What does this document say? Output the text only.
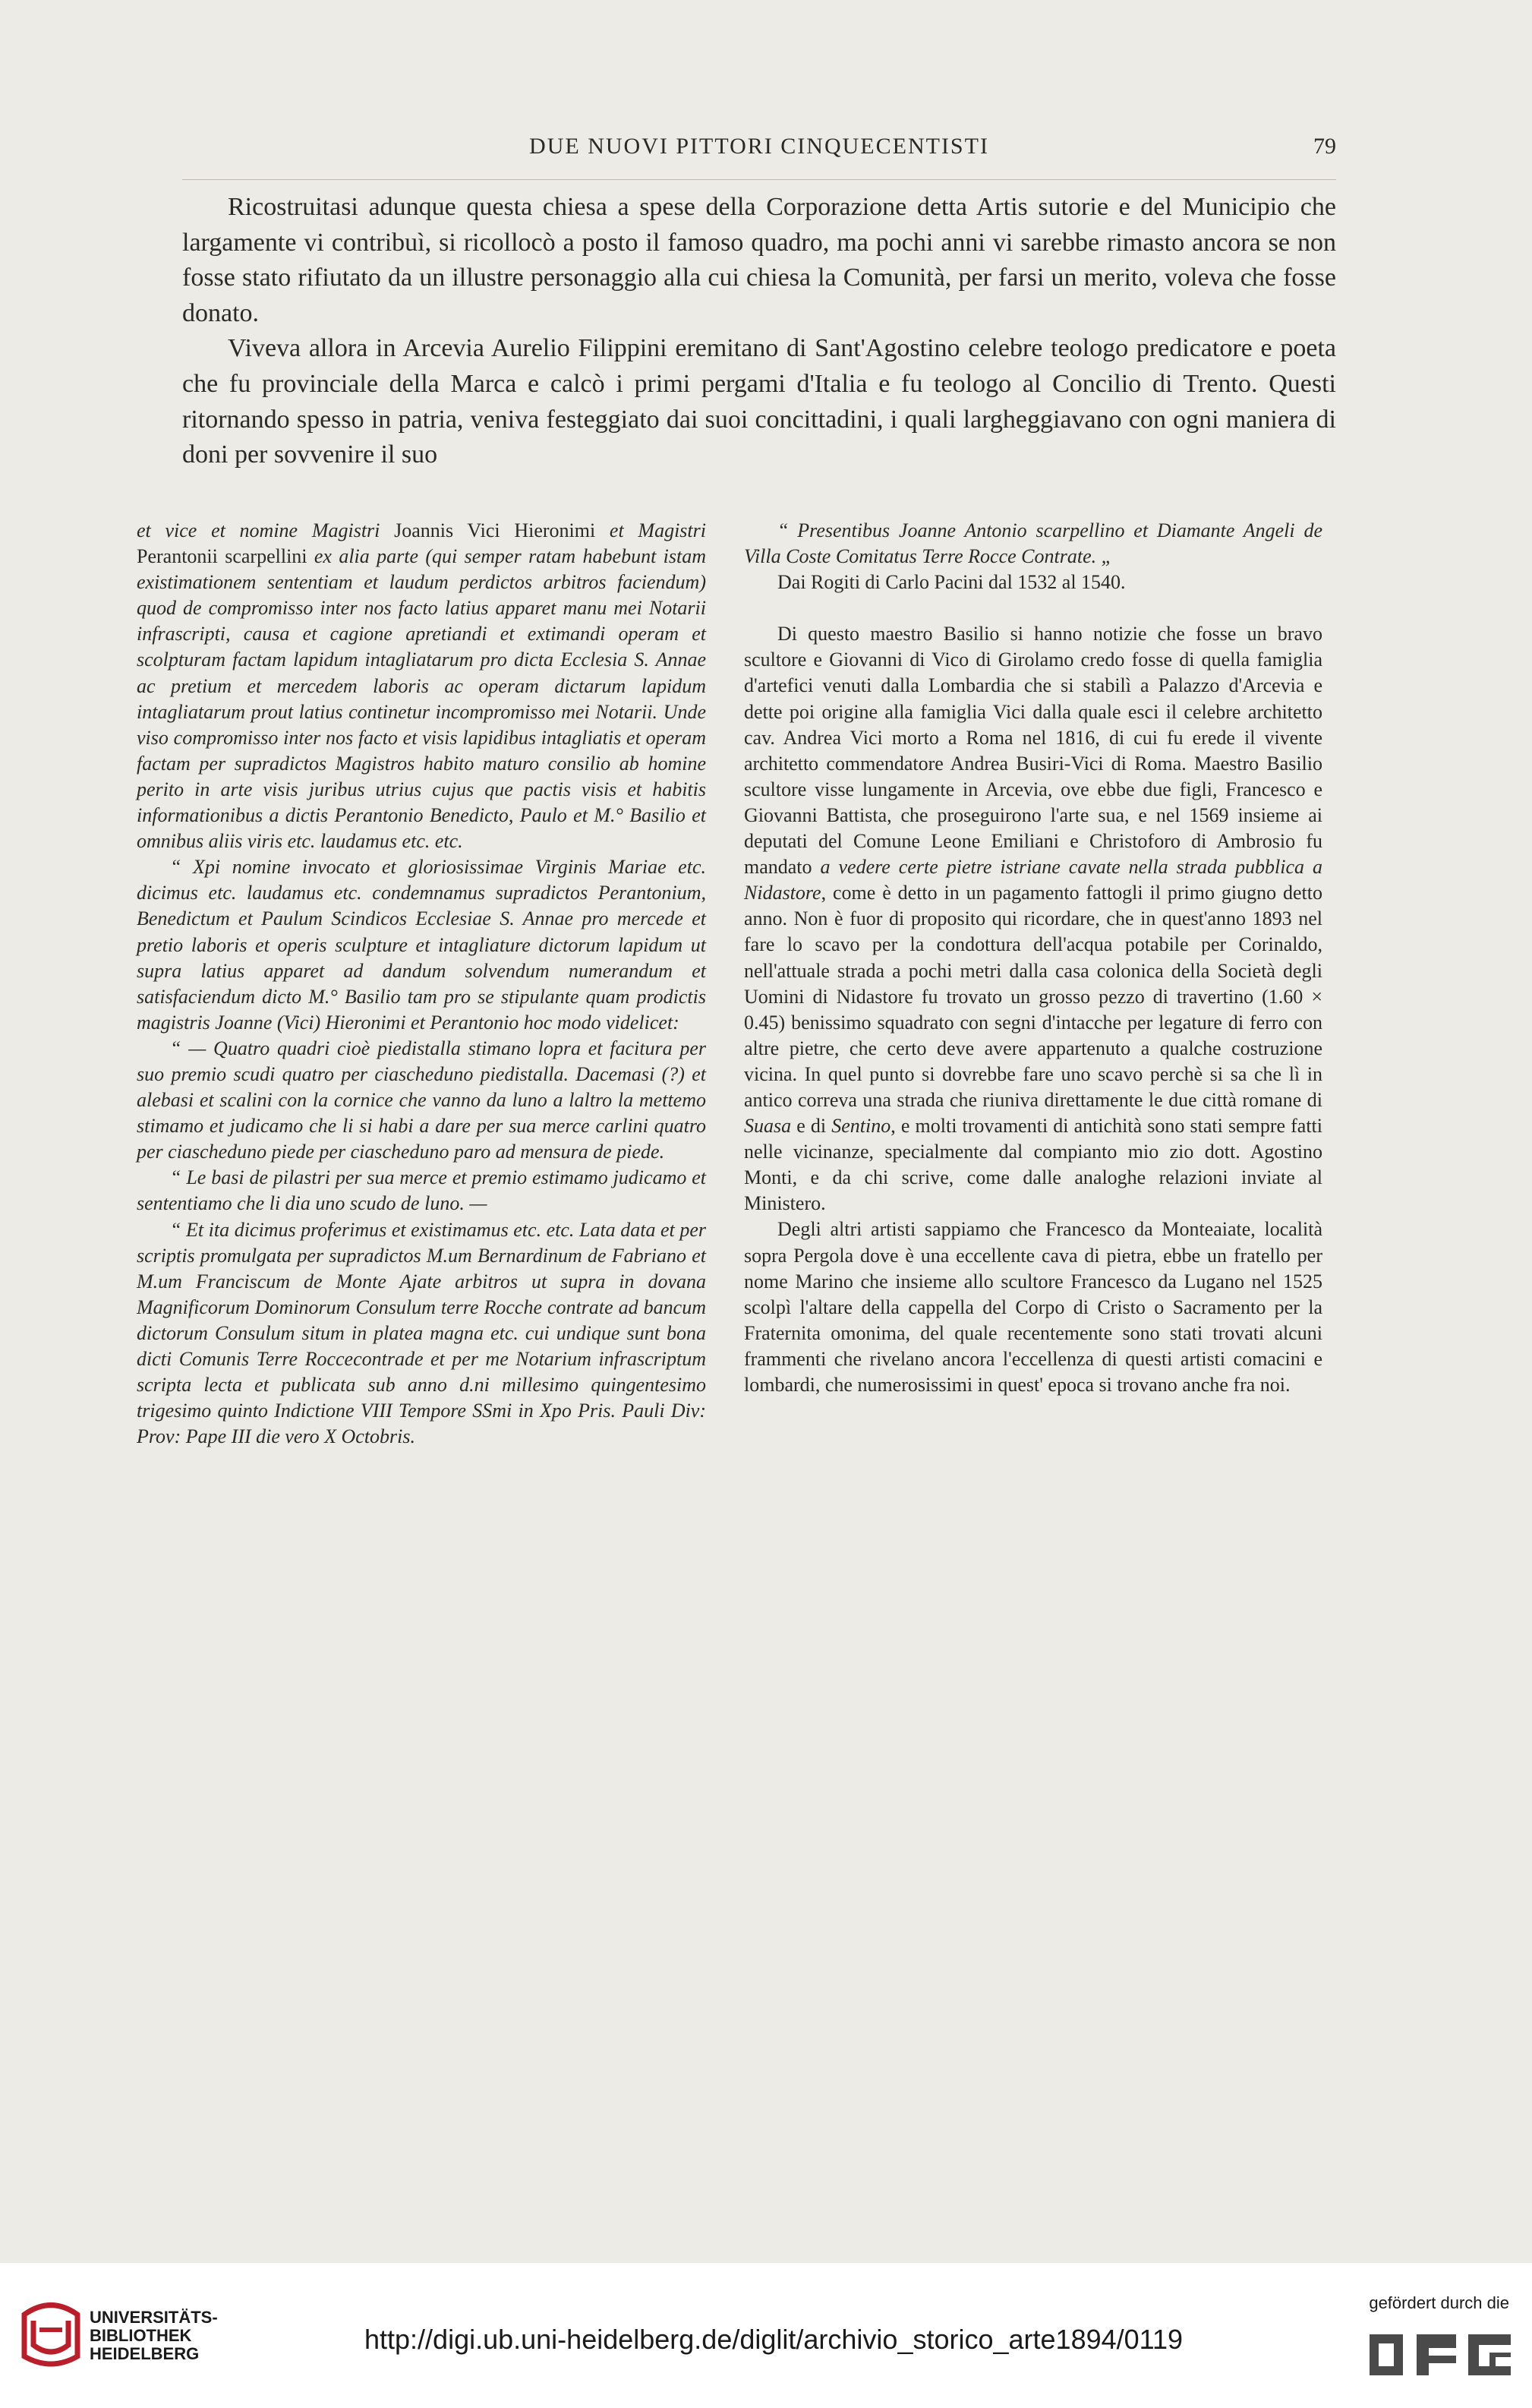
DUE NUOVI PITTORI CINQUECENTISTI	79

Ricostruitasi adunque questa chiesa a spese della Corporazione detta Artis sutorie e del Municipio che largamente vi contribuì, si ricollocò a posto il famoso quadro, ma pochi anni vi sarebbe rimasto ancora se non fosse stato rifiutato da un illustre personaggio alla cui chiesa la Comunità, per farsi un merito, voleva che fosse donato.

Viveva allora in Arcevia Aurelio Filippini eremitano di Sant'Agostino celebre teologo predicatore e poeta che fu provinciale della Marca e calcò i primi pergami d'Italia e fu teologo al Concilio di Trento. Questi ritornando spesso in patria, veniva festeggiato dai suoi concittadini, i quali largheggiavano con ogni maniera di doni per sovvenire il suo

et vice et nomine Magistri Joannis Vici Hieronimi et Magistri Perantonii scarpellini ex alia parte (qui semper ratam habebunt istam existimationem sententiam et laudum perdictos arbitros faciendum) quod de compromisso inter nos facto latius apparet manu mei Notarii infrascripti, causa et cagione apretiandi et extimandi operam et scolpturam factam lapidum intagliatarum pro dicta Ecclesia S. Annae ac pretium et mercedem laboris ac operam dictarum lapidum intagliatarum prout latius continetur incompromisso mei Notarii. Unde viso compromisso inter nos facto et visis lapidibus intagliatis et operam factam per supradictos Magistros habito maturo consilio ab homine perito in arte visis juribus utrius cujus que pactis visis et habitis informationibus a dictis Perantonio Benedicto, Paulo et M.° Basilio et omnibus aliis viris etc. laudamus etc. etc.

“ Xpi nomine invocato et gloriosissimae Virginis Mariae etc. dicimus etc. laudamus etc. condemnamus supradictos Perantonium, Benedictum et Paulum Scindicos Ecclesiae S. Annae pro mercede et pretio laboris et operis sculpture et intagliature dictorum lapidum ut supra latius apparet ad dandum solvendum numerandum et satisfaciendum dicto M.° Basilio tam pro se stipulante quam prodictis magistris Joanne (Vici) Hieronimi et Perantonio hoc modo videlicet:

“ — Quatro quadri cioè piedistalla stimano lopra et facitura per suo premio scudi quatro per ciascheduno piedistalla. Dacemasi (?) et alebasi et scalini con la cornice che vanno da luno a laltro la mettemo stimamo et judicamo che li si habi a dare per sua merce carlini quatro per ciascheduno piede per ciascheduno paro ad mensura de piede.

“ Le basi de pilastri per sua merce et premio estimamo judicamo et sententiamo che li dia uno scudo de luno. —

“ Et ita dicimus proferimus et existimamus etc. etc. Lata data et per scriptis promulgata per supradictos M.um Bernardinum de Fabriano et M.um Franciscum de Monte Ajate arbitros ut supra in dovana Magnificorum Dominorum Consulum terre Rocche contrate ad bancum dictorum Consulum situm in platea magna etc. cui undique sunt bona dicti Comunis Terre Roccecontrade et per me Notarium infrascriptum scripta lecta et publicata sub anno d.ni millesimo quingentesimo trigesimo quinto Indictione VIII Tempore SSmi in Xpo Pris. Pauli Div: Prov: Pape III die vero X Octobris.

“ Presentibus Joanne Antonio scarpellino et Diamante Angeli de Villa Coste Comitatus Terre Rocce Contrate. „

Dai Rogiti di Carlo Pacini dal 1532 al 1540.

Di questo maestro Basilio si hanno notizie che fosse un bravo scultore e Giovanni di Vico di Girolamo credo fosse di quella famiglia d'artefici venuti dalla Lombardia che si stabilì a Palazzo d'Arcevia e dette poi origine alla famiglia Vici dalla quale esci il celebre architetto cav. Andrea Vici morto a Roma nel 1816, di cui fu erede il vivente architetto commendatore Andrea Busiri-Vici di Roma. Maestro Basilio scultore visse lungamente in Arcevia, ove ebbe due figli, Francesco e Giovanni Battista, che proseguirono l'arte sua, e nel 1569 insieme ai deputati del Comune Leone Emiliani e Christoforo di Ambrosio fu mandato a vedere certe pietre istriane cavate nella strada pubblica a Nidastore, come è detto in un pagamento fattogli il primo giugno detto anno. Non è fuor di proposito qui ricordare, che in quest'anno 1893 nel fare lo scavo per la condottura dell'acqua potabile per Corinaldo, nell'attuale strada a pochi metri dalla casa colonica della Società degli Uomini di Nidastore fu trovato un grosso pezzo di travertino (1.60 × 0.45) benissimo squadrato con segni d'intacche per legature di ferro con altre pietre, che certo deve avere appartenuto a qualche costruzione vicina. In quel punto si dovrebbe fare uno scavo perchè si sa che lì in antico correva una strada che riuniva direttamente le due città romane di Suasa e di Sentino, e molti trovamenti di antichità sono stati sempre fatti nelle vicinanze, specialmente dal compianto mio zio dott. Agostino Monti, e da chi scrive, come dalle analoghe relazioni inviate al Ministero.

Degli altri artisti sappiamo che Francesco da Monteaiate, località sopra Pergola dove è una eccellente cava di pietra, ebbe un fratello per nome Marino che insieme allo scultore Francesco da Lugano nel 1525 scolpì l'altare della cappella del Corpo di Cristo o Sacramento per la Fraternita omonima, del quale recentemente sono stati trovati alcuni frammenti che rivelano ancora l'eccellenza di questi artisti comacini e lombardi, che numerosissimi in quest' epoca si trovano anche fra noi.

UNIVERSITÄTS-
BIBLIOTHEK
HEIDELBERG	http://digi.ub.uni-heidelberg.de/diglit/archivio_storico_arte1894/0119
gefördert durch die
DFG
